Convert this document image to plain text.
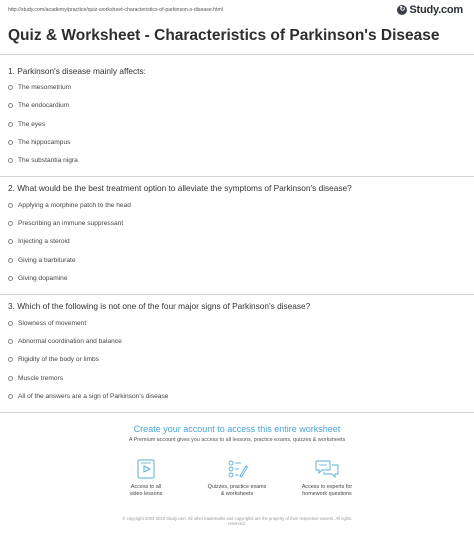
http://study.com/academy/practice/quiz-worksheet-characteristics-of-parkinson-s-disease.html	↻ Study.com
Quiz & Worksheet - Characteristics of Parkinson's Disease
1. Parkinson's disease mainly affects:
The mesometrium
The endocardium
The eyes
The hippocampus
The substantia nigra
2. What would be the best treatment option to alleviate the symptoms of Parkinson's disease?
Applying a morphine patch to the head
Prescribing an immune suppressant
Injecting a steroid
Giving a barbiturate
Giving dopamine
3. Which of the following is not one of the four major signs of Parkinson's disease?
Slowness of movement
Abnormal coordination and balance
Rigidity of the body or limbs
Muscle tremors
All of the answers are a sign of Parkinson's disease
Create your account to access this entire worksheet
A Premium account gives you access to all lessons, practice exams, quizzes & worksheets
Access to all
video lessons
Quizzes, practice exams
& worksheets
Access to experts for
homework questions
© copyright 2003-2020 Study.com. All other trademarks and copyrights are the property of their respective owners. All rights
reserved.
